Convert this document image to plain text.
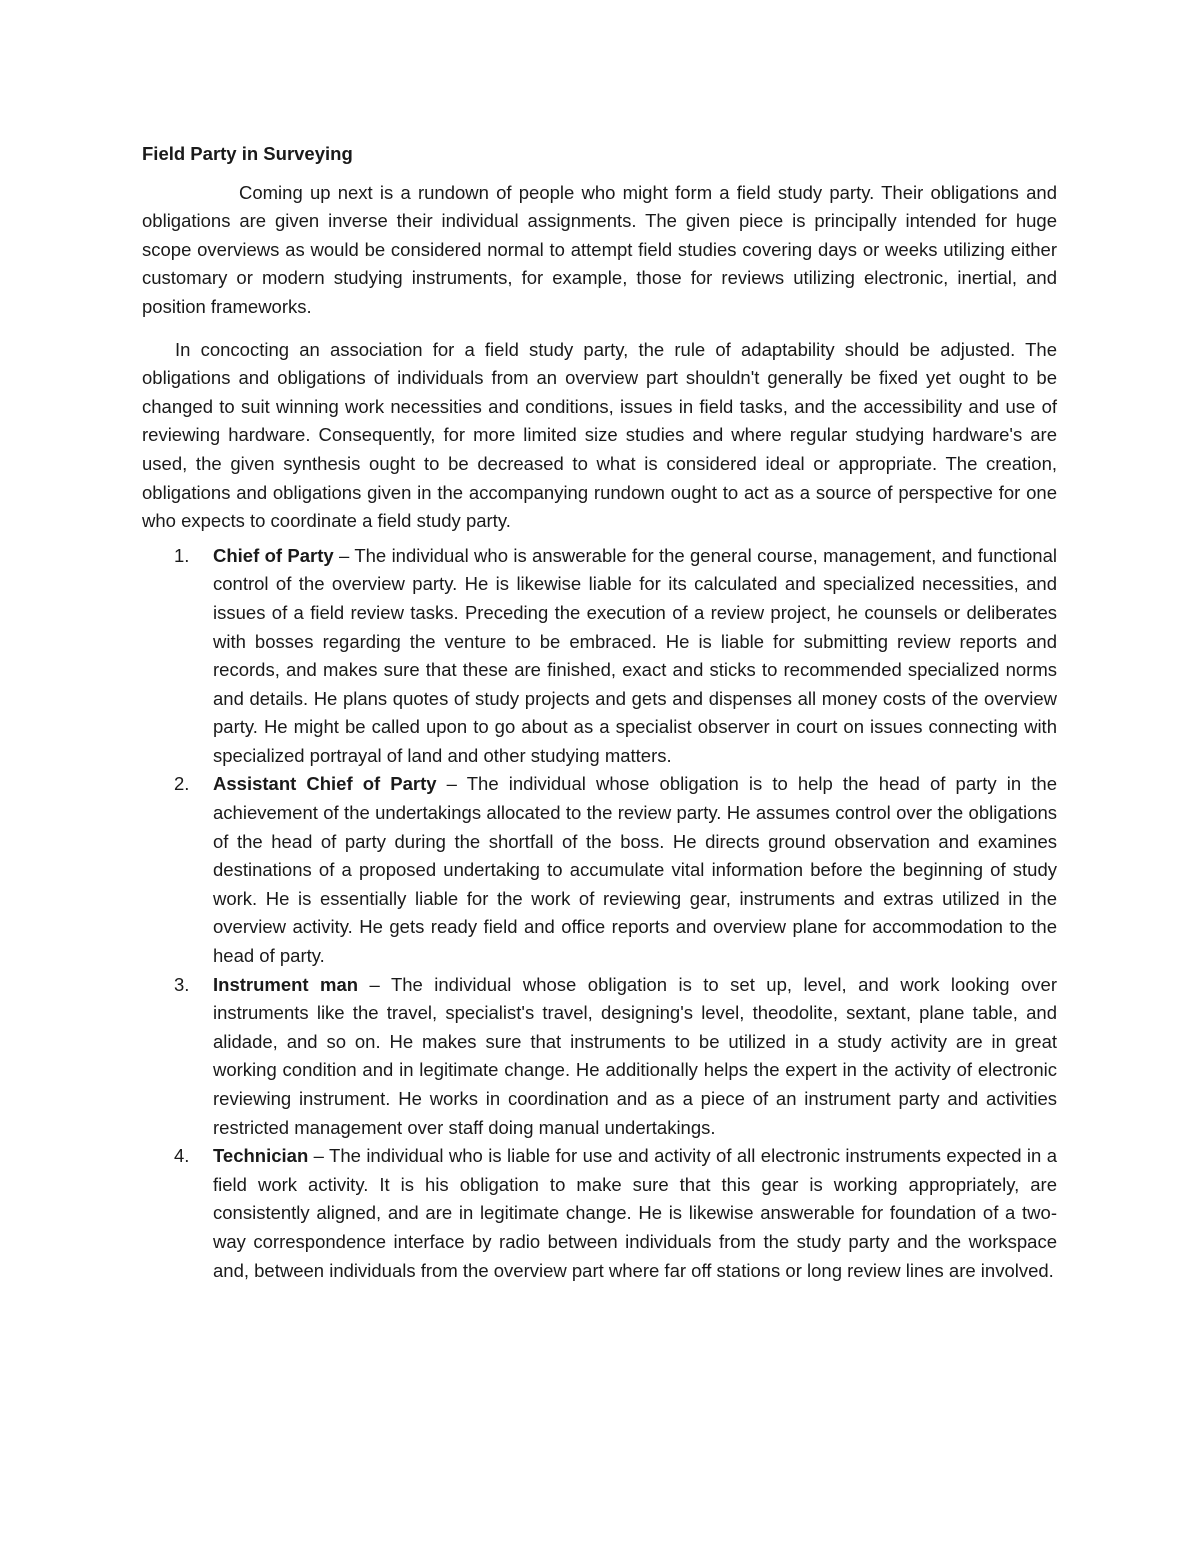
Field Party in Surveying

Coming up next is a rundown of people who might form a field study party. Their obligations and obligations are given inverse their individual assignments. The given piece is principally intended for huge scope overviews as would be considered normal to attempt field studies covering days or weeks utilizing either customary or modern studying instruments, for example, those for reviews utilizing electronic, inertial, and position frameworks.

In concocting an association for a field study party, the rule of adaptability should be adjusted. The obligations and obligations of individuals from an overview part shouldn't generally be fixed yet ought to be changed to suit winning work necessities and conditions, issues in field tasks, and the accessibility and use of reviewing hardware. Consequently, for more limited size studies and where regular studying hardware's are used, the given synthesis ought to be decreased to what is considered ideal or appropriate. The creation, obligations and obligations given in the accompanying rundown ought to act as a source of perspective for one who expects to coordinate a field study party.

1. Chief of Party – The individual who is answerable for the general course, management, and functional control of the overview party. He is likewise liable for its calculated and specialized necessities, and issues of a field review tasks. Preceding the execution of a review project, he counsels or deliberates with bosses regarding the venture to be embraced. He is liable for submitting review reports and records, and makes sure that these are finished, exact and sticks to recommended specialized norms and details. He plans quotes of study projects and gets and dispenses all money costs of the overview party. He might be called upon to go about as a specialist observer in court on issues connecting with specialized portrayal of land and other studying matters.
2. Assistant Chief of Party – The individual whose obligation is to help the head of party in the achievement of the undertakings allocated to the review party. He assumes control over the obligations of the head of party during the shortfall of the boss. He directs ground observation and examines destinations of a proposed undertaking to accumulate vital information before the beginning of study work. He is essentially liable for the work of reviewing gear, instruments and extras utilized in the overview activity. He gets ready field and office reports and overview plane for accommodation to the head of party.
3. Instrument man – The individual whose obligation is to set up, level, and work looking over instruments like the travel, specialist's travel, designing's level, theodolite, sextant, plane table, and alidade, and so on. He makes sure that instruments to be utilized in a study activity are in great working condition and in legitimate change. He additionally helps the expert in the activity of electronic reviewing instrument. He works in coordination and as a piece of an instrument party and activities restricted management over staff doing manual undertakings.
4. Technician – The individual who is liable for use and activity of all electronic instruments expected in a field work activity. It is his obligation to make sure that this gear is working appropriately, are consistently aligned, and are in legitimate change. He is likewise answerable for foundation of a two-way correspondence interface by radio between individuals from the study party and the workspace and, between individuals from the overview part where far off stations or long review lines are involved.
